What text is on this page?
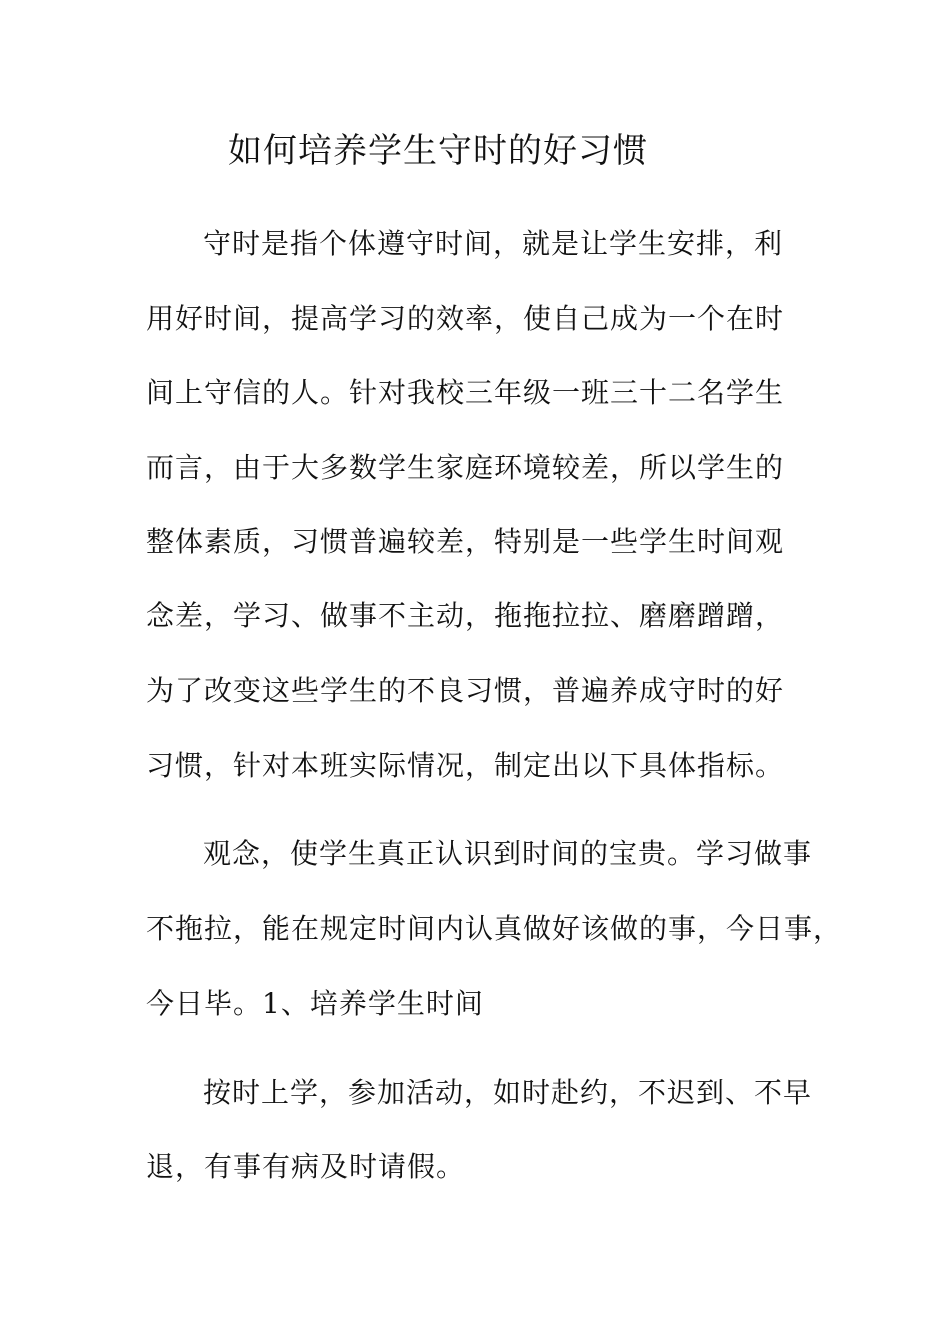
如何培养学生守时的好习惯
守时是指个体遵守时间，就是让学生安排，利
用好时间，提高学习的效率，使自己成为一个在时
间上守信的人。针对我校三年级一班三十二名学生
而言，由于大多数学生家庭环境较差，所以学生的
整体素质，习惯普遍较差，特别是一些学生时间观
念差，学习、做事不主动，拖拖拉拉、磨磨蹭蹭，
为了改变这些学生的不良习惯，普遍养成守时的好
习惯，针对本班实际情况，制定出以下具体指标。
观念，使学生真正认识到时间的宝贵。学习做事
不拖拉，能在规定时间内认真做好该做的事，今日事，
今日毕。1、培养学生时间
按时上学，参加活动，如时赴约，不迟到、不早
退，有事有病及时请假。
